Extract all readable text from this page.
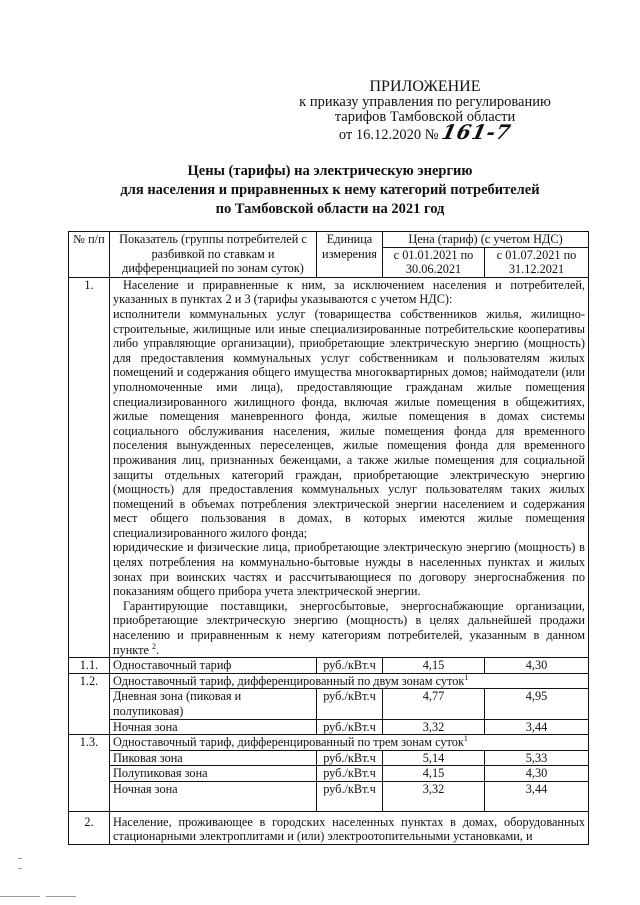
ПРИЛОЖЕНИЕ
к приказу управления по регулированию
тарифов Тамбовской области
от 16.12.2020 № 161-7
Цены (тарифы) на электрическую энергию
для населения и приравненных к нему категорий потребителей
по Тамбовской области на 2021 год
№ п/п	Показатель (группы потребителей с разбивкой по ставкам и дифференциацией по зонам суток)	Единица измерения	Цена (тариф) (с учетом НДС)	
			с 01.01.2021 по 30.06.2021	с 01.07.2021 по 31.12.2021
1.	Население и приравненные к ним, за исключением населения и потребителей, указанных в пунктах 2 и 3 (тарифы указываются с учетом НДС):
исполнители коммунальных услуг (товарищества собственников жилья, жилищно-строительные, жилищные или иные специализированные потребительские кооперативы либо управляющие организации), приобретающие электрическую энергию (мощность) для предоставления коммунальных услуг собственникам и пользователям жилых помещений и содержания общего имущества многоквартирных домов; наймодатели (или уполномоченные ими лица), предоставляющие гражданам жилые помещения специализированного жилищного фонда, включая жилые помещения в общежитиях, жилые помещения маневренного фонда, жилые помещения в домах системы социального обслуживания населения, жилые помещения фонда для временного поселения вынужденных переселенцев, жилые помещения фонда для временного проживания лиц, признанных беженцами, а также жилые помещения для социальной защиты отдельных категорий граждан, приобретающие электрическую энергию (мощность) для предоставления коммунальных услуг пользователям таких жилых помещений в объемах потребления электрической энергии населением и содержания мест общего пользования в домах, в которых имеются жилые помещения специализированного жилого фонда;
юридические и физические лица, приобретающие электрическую энергию (мощность) в целях потребления на коммунально-бытовые нужды в населенных пунктах и жилых зонах при воинских частях и рассчитывающиеся по договору энергоснабжения по показаниям общего прибора учета электрической энергии.
Гарантирующие поставщики, энергосбытовые, энергоснабжающие организации, приобретающие электрическую энергию (мощность) в целях дальнейшей продажи населению и приравненным к нему категориям потребителей, указанным в данном пункте $^2$.			

1.1.	Одноставочный тариф	руб./кВт.ч	4,15	4,30
1.2.	Одноставочный тариф, дифференцированный по двум зонам суток$^1$
	Дневная зона (пиковая и полупиковая)	руб./кВт.ч	4,77	4,95
	Ночная зона	руб./кВт.ч	3,32	3,44
1.3.	Одноставочный тариф, дифференцированный по трем зонам суток$^1$
	Пиковая зона	руб./кВт.ч	5,14	5,33
	Полупиковая зона	руб./кВт.ч	4,15	4,30
	Ночная зона	руб./кВт.ч	3,32	3,44
2.	Население, проживающее в городских населенных пунктах в домах, оборудованных стационарными электроплитами и (или) электроотопительными установками, и			
